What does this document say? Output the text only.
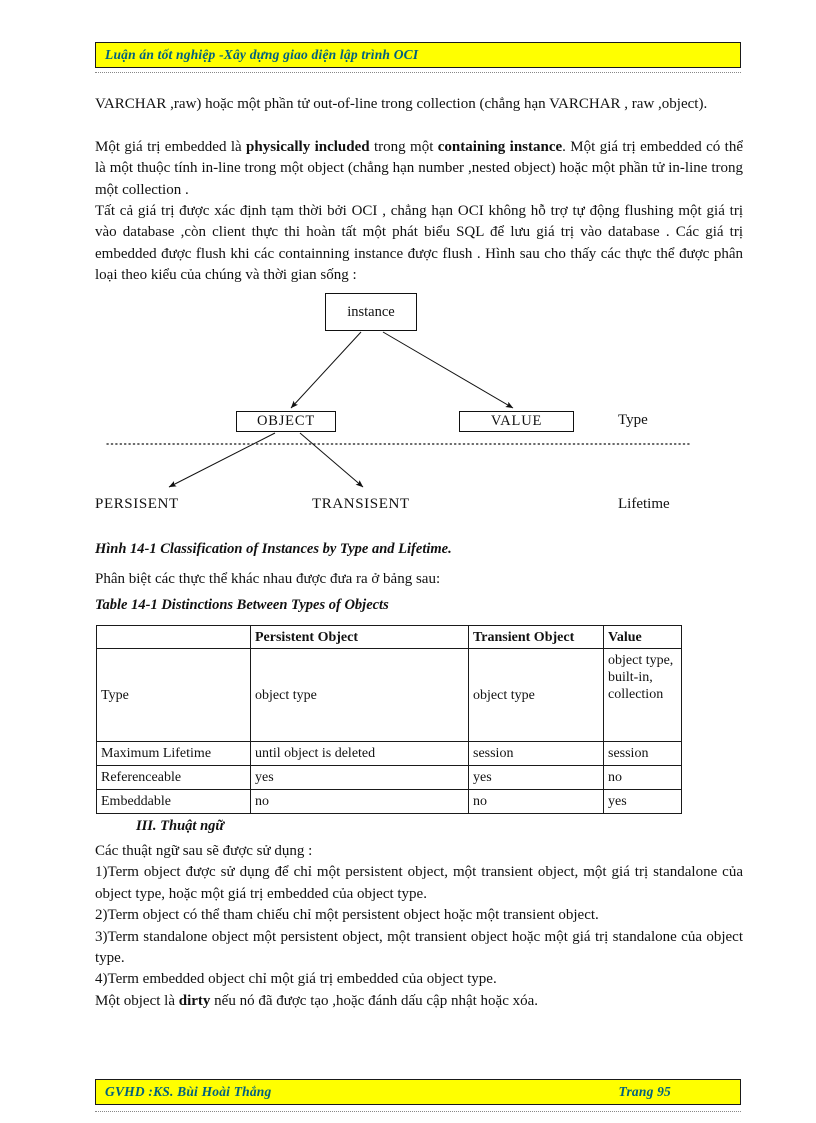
Luận án tốt nghiệp -Xây dựng giao diện lập trình OCI

VARCHAR ,raw) hoặc một phần tử out-of-line trong collection (chẳng hạn VARCHAR , raw ,object).

Một giá trị embedded là physically included trong một containing instance. Một giá trị embedded có thể là một thuộc tính in-line trong một object (chẳng hạn number ,nested object) hoặc một phần tử in-line trong một collection .

Tất cả giá trị được xác định tạm thời bởi OCI , chẳng hạn OCI không hỗ trợ tự động flushing một giá trị vào database ,còn client thực thi hoàn tất một phát biểu SQL để lưu giá trị vào database . Các giá trị embedded được flush khi các containning instance được flush . Hình sau cho thấy các thực thể được phân loại theo kiểu của chúng và thời gian sống :

instance
OBJECT	VALUE	Type
Lifetime
PERSISENT	TRANSISENT
Hình 14-1 Classification of Instances by Type and Lifetime.
Phân biệt các thực thể khác nhau được đưa ra ở bảng sau:
Table 14-1 Distinctions Between Types of Objects
	Persistent Object	Transient Object	Value
Type	object type	object type	object type, built-in, collection
Maximum Lifetime	until object is deleted	session	session
Referenceable	yes	yes	no
Embeddable	no	no	yes
III. Thuật ngữ

Các thuật ngữ sau sẽ được sử dụng :

1)Term object được sử dụng để chỉ một persistent object, một transient object, một giá trị standalone của object type, hoặc một giá trị embedded của object type.

2)Term object có thể tham chiếu chỉ một persistent object hoặc một transient object.

3)Term standalone object một persistent object, một transient object hoặc một giá trị standalone của object type.

4)Term embedded object chỉ một giá trị embedded của object type.

Một object là dirty nếu nó đã được tạo ,hoặc đánh dấu cập nhật hoặc xóa.

GVHD :KS. Bùi Hoài Thắng	Trang 95
